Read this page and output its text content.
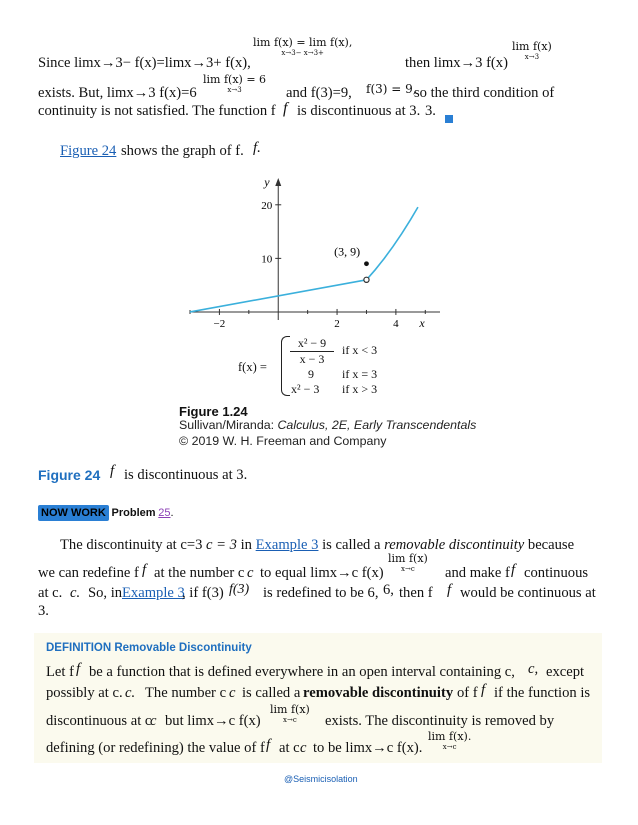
lim f(x) = lim f(x),
x→3− x→3+
Since limx→3− f(x)=limx→3+ f(x),	then limx→3 f(x)
lim f(x)
x→3
lim f(x) = 6
x→3
exists. But, limx→3 f(x)=6	and f(3)=9, f(3) = 9,
so the third condition of
continuity is not satisfied. The function f f is discontinuous at 3. 3.
Figure 24 shows the graph of f. f.
−2	2	4
10
20
y
x
(3, 9)
$f(x) = \frac{\text{x² − 9}}{x - 3}$ if x < 3
9 if x = 3
x² − 3 if x > 3
Figure 1.24
Sullivan/Miranda: Calculus, 2E, Early Transcendentals
© 2019 W. H. Freeman and Company
Figure 24 f is discontinuous at 3.
NOW WORK Problem 25.
The discontinuity at c=3 c = 3 in Example 3 is called a removable discontinuity because
lim f(x)
x→c
we can redefine f f at the number c c to equal limx→c f(x)	and make f f continuous
at c. c. So, in Example 3
, if f(3) f(3) is redefined to be 6, 6, then f f would be continuous at
3.
DEFINITION Removable Discontinuity
Let f f be a function that is defined everywhere in an open interval containing c, c, except
possibly at c. c. The number c c is called a removable discontinuity of f f if the function is
lim f(x)
x→c
discontinuous at c
c but limx→c f(x)	exists. The discontinuity is removed by
lim f(x).
x→c
defining (or redefining) the value of f f at c c to be limx→c f(x).
@Seismicisolation
